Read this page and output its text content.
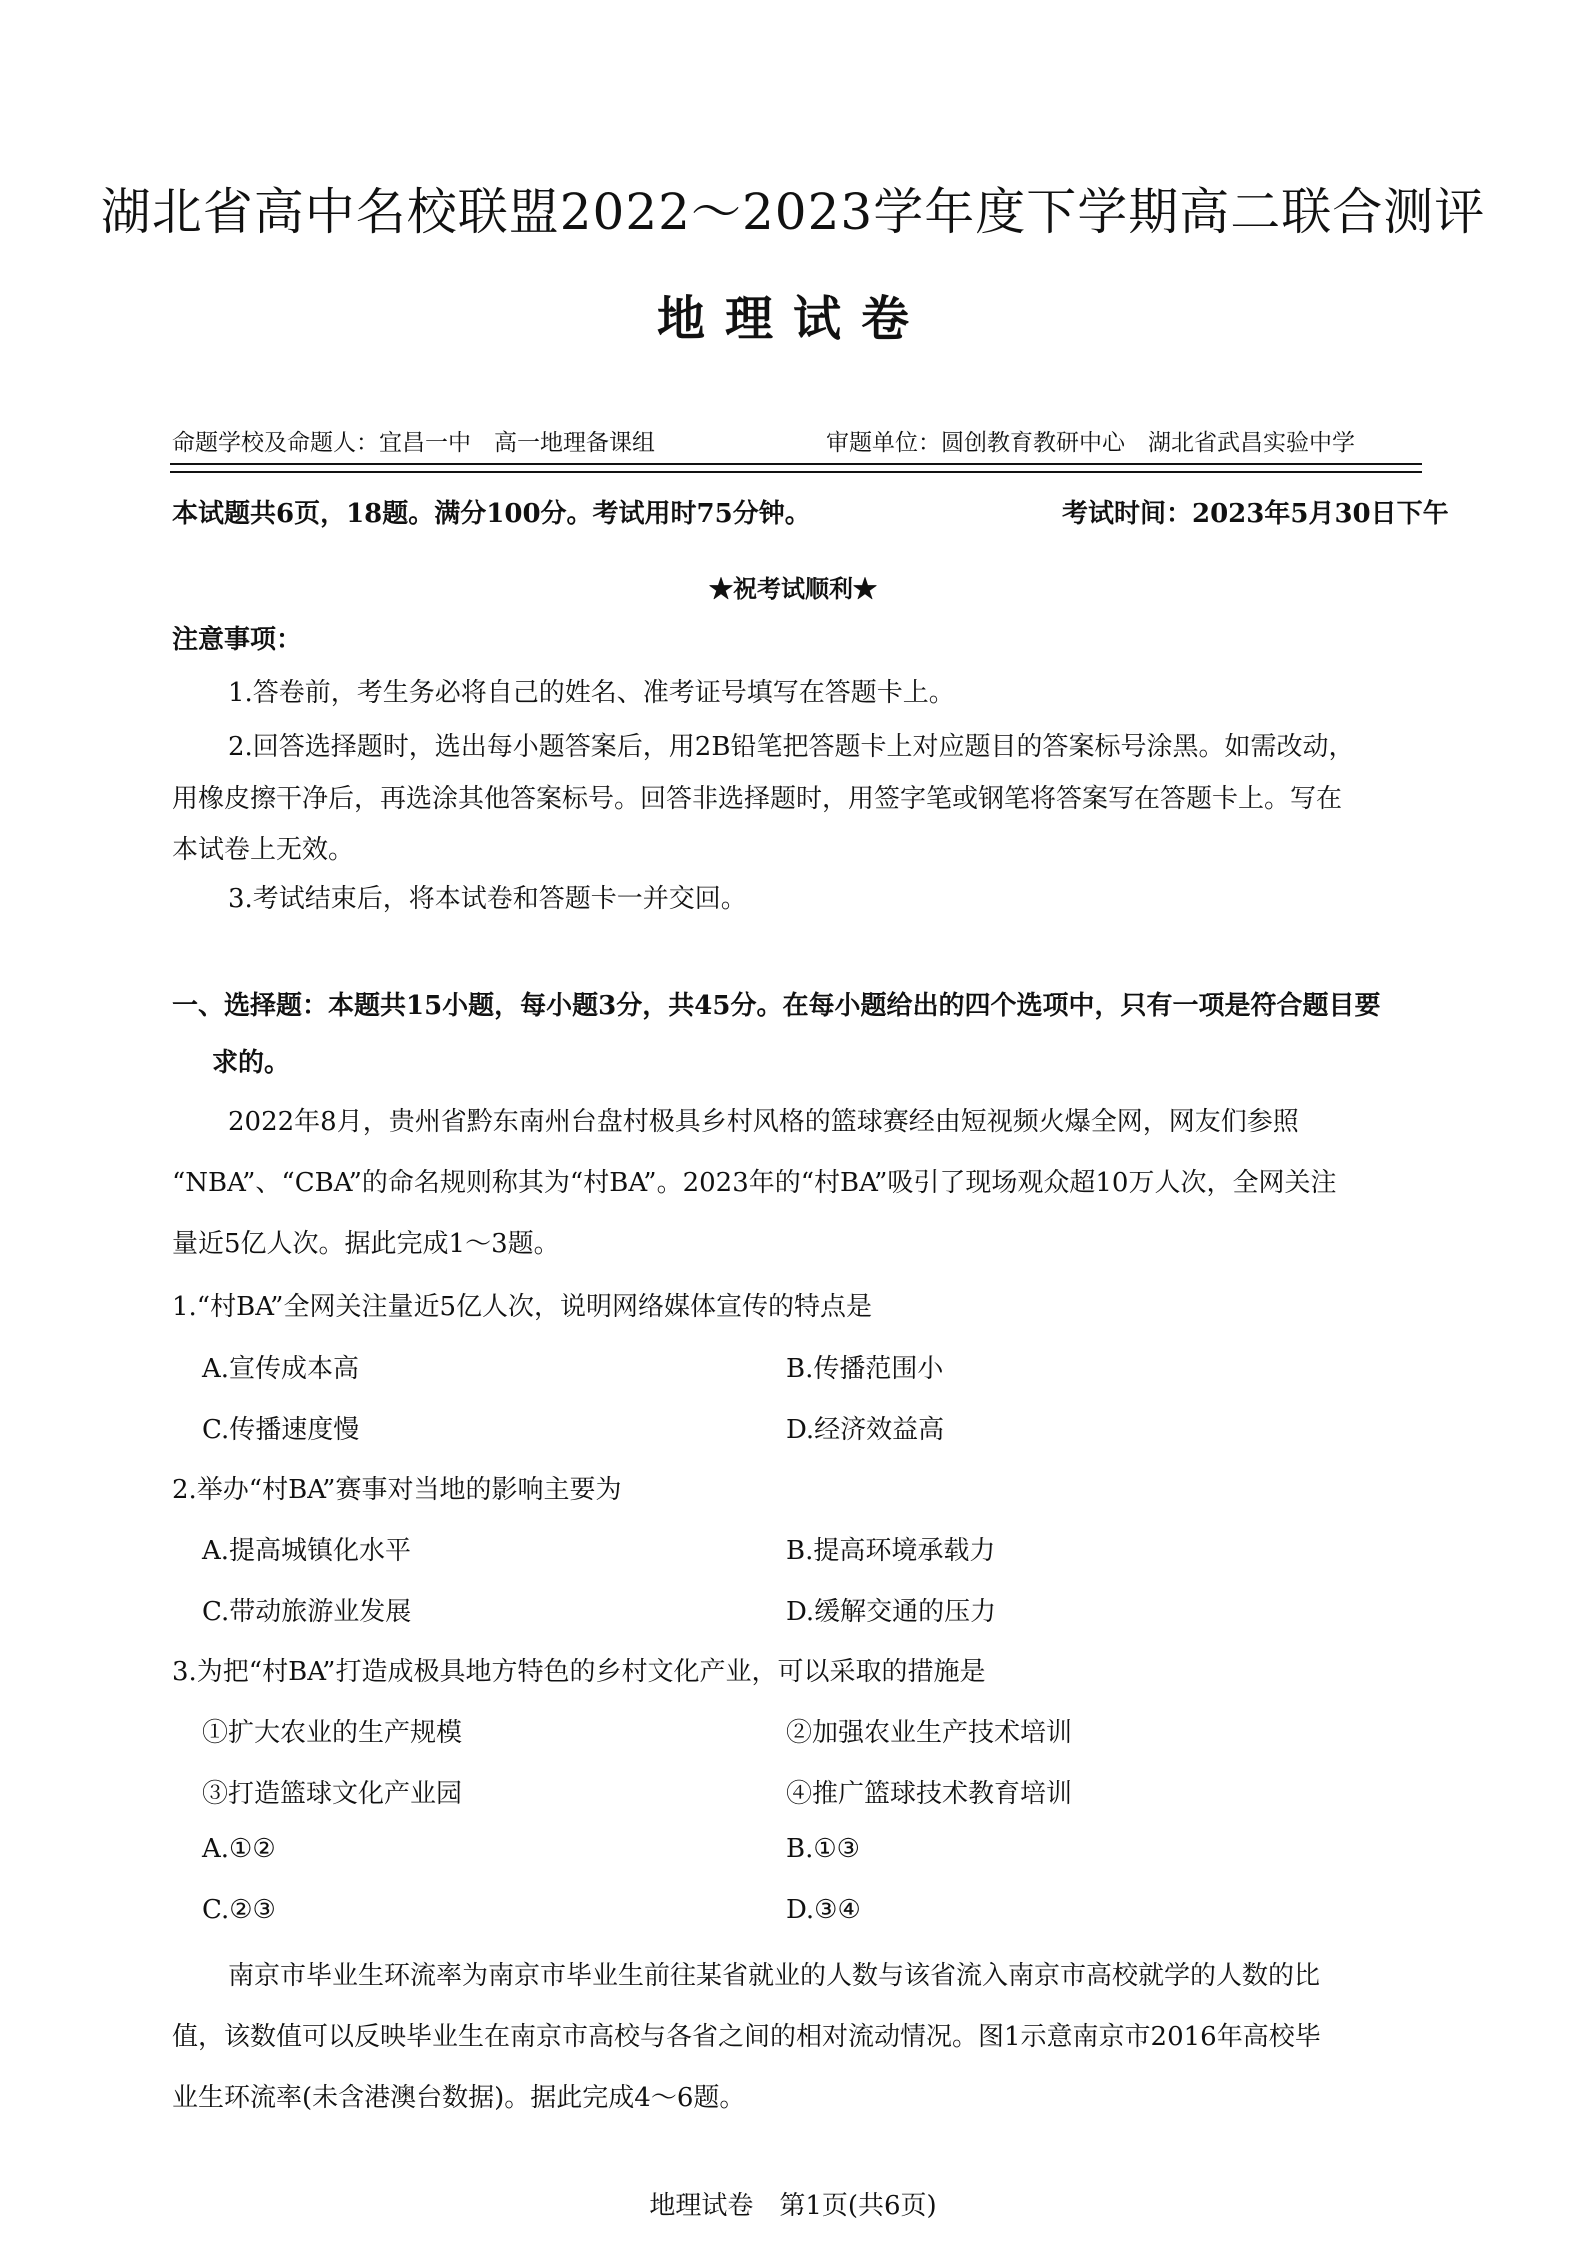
湖北省高中名校联盟2022～2023学年度下学期高二联合测评
地理试卷
命题学校及命题人：宜昌一中　高一地理备课组	审题单位：圆创教育教研中心　湖北省武昌实验中学
本试题共6页，18题。满分100分。考试用时75分钟。	考试时间：2023年5月30日下午
★祝考试顺利★
注意事项：
1.答卷前，考生务必将自己的姓名、准考证号填写在答题卡上。
2.回答选择题时，选出每小题答案后，用2B铅笔把答题卡上对应题目的答案标号涂黑。如需改动，
用橡皮擦干净后，再选涂其他答案标号。回答非选择题时，用签字笔或钢笔将答案写在答题卡上。写在
本试卷上无效。
3.考试结束后，将本试卷和答题卡一并交回。
一、选择题：本题共15小题，每小题3分，共45分。在每小题给出的四个选项中，只有一项是符合题目要
求的。
2022年8月，贵州省黔东南州台盘村极具乡村风格的篮球赛经由短视频火爆全网，网友们参照
“NBA”、“CBA”的命名规则称其为“村BA”。2023年的“村BA”吸引了现场观众超10万人次，全网关注
量近5亿人次。据此完成1～3题。
1.“村BA”全网关注量近5亿人次，说明网络媒体宣传的特点是
A.宣传成本高	B.传播范围小
C.传播速度慢	D.经济效益高
2.举办“村BA”赛事对当地的影响主要为
A.提高城镇化水平	B.提高环境承载力
C.带动旅游业发展	D.缓解交通的压力
3.为把“村BA”打造成极具地方特色的乡村文化产业，可以采取的措施是
①扩大农业的生产规模	②加强农业生产技术培训
③打造篮球文化产业园	④推广篮球技术教育培训
A.①②	B.①③
C.②③	D.③④
南京市毕业生环流率为南京市毕业生前往某省就业的人数与该省流入南京市高校就学的人数的比
值，该数值可以反映毕业生在南京市高校与各省之间的相对流动情况。图1示意南京市2016年高校毕
业生环流率(未含港澳台数据)。据此完成4～6题。
地理试卷　第1页(共6页)
